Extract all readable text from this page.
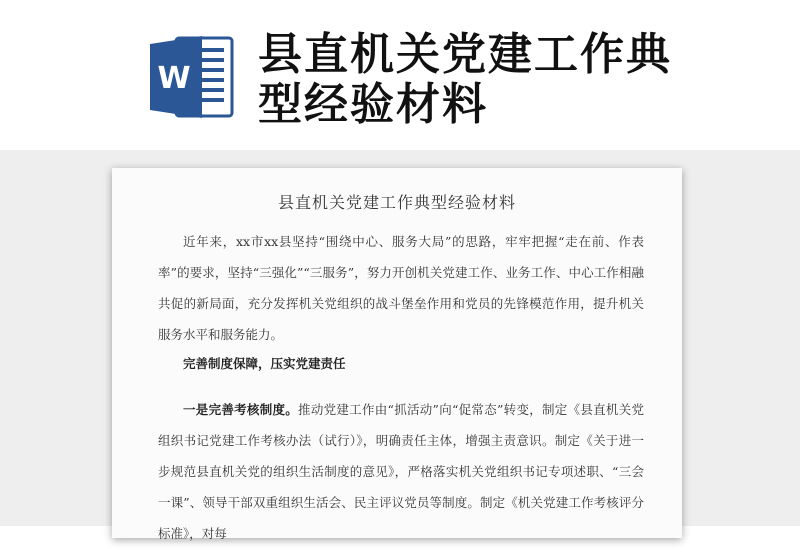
W 县直机关党建工作典型经验材料
县直机关党建工作典型经验材料

近年来，xx市xx县坚持“围绕中心、服务大局”的思路，牢牢把握“走在前、作表率”的要求，坚持“三强化”“三服务”，努力开创机关党建工作、业务工作、中心工作相融共促的新局面，充分发挥机关党组织的战斗堡垒作用和党员的先锋模范作用，提升机关服务水平和服务能力。

完善制度保障，压实党建责任

一是完善考核制度。推动党建工作由“抓活动”向“促常态”转变，制定《县直机关党组织书记党建工作考核办法（试行）》，明确责任主体，增强主责意识。制定《关于进一步规范县直机关党的组织生活制度的意见》，严格落实机关党组织书记专项述职、“三会一课”、领导干部双重组织生活会、民主评议党员等制度。制定《机关党建工作考核评分标准》，对每
